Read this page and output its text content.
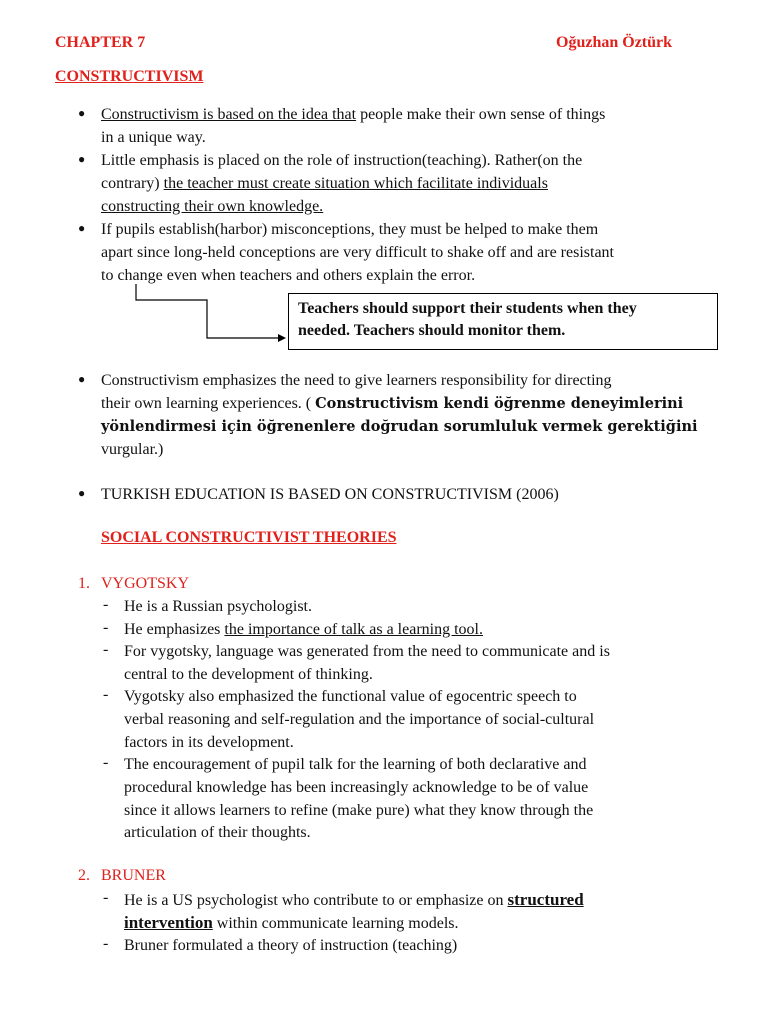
CHAPTER 7	Oğuzhan Öztürk
CONSTRUCTIVISM
● Constructivism is based on the idea that people make their own sense of things
in a unique way.
● Little emphasis is placed on the role of instruction(teaching). Rather(on the
contrary) the teacher must create situation which facilitate individuals
constructing their own knowledge.
● If pupils establish(harbor) misconceptions, they must be helped to make them
apart since long-held conceptions are very difficult to shake off and are resistant
to change even when teachers and others explain the error.
Teachers should support their students when they
needed. Teachers should monitor them.
● Constructivism emphasizes the need to give learners responsibility for directing
their own learning experiences. ( Constructivism kendi öğrenme deneyimlerini
yönlendirmesi için öğrenenlere doğrudan sorumluluk vermek gerektiğini
vurgular.)
● TURKISH EDUCATION IS BASED ON CONSTRUCTIVISM (2006)
SOCIAL CONSTRUCTIVIST THEORIES
1. VYGOTSKY
- He is a Russian psychologist.
- He emphasizes the importance of talk as a learning tool.
- For vygotsky, language was generated from the need to communicate and is
central to the development of thinking.
- Vygotsky also emphasized the functional value of egocentric speech to
verbal reasoning and self-regulation and the importance of social-cultural
factors in its development.
- The encouragement of pupil talk for the learning of both declarative and
procedural knowledge has been increasingly acknowledge to be of value
since it allows learners to refine (make pure) what they know through the
articulation of their thoughts.
2. BRUNER
- He is a US psychologist who contribute to or emphasize on structured
intervention within communicate learning models.
- Bruner formulated a theory of instruction (teaching)
